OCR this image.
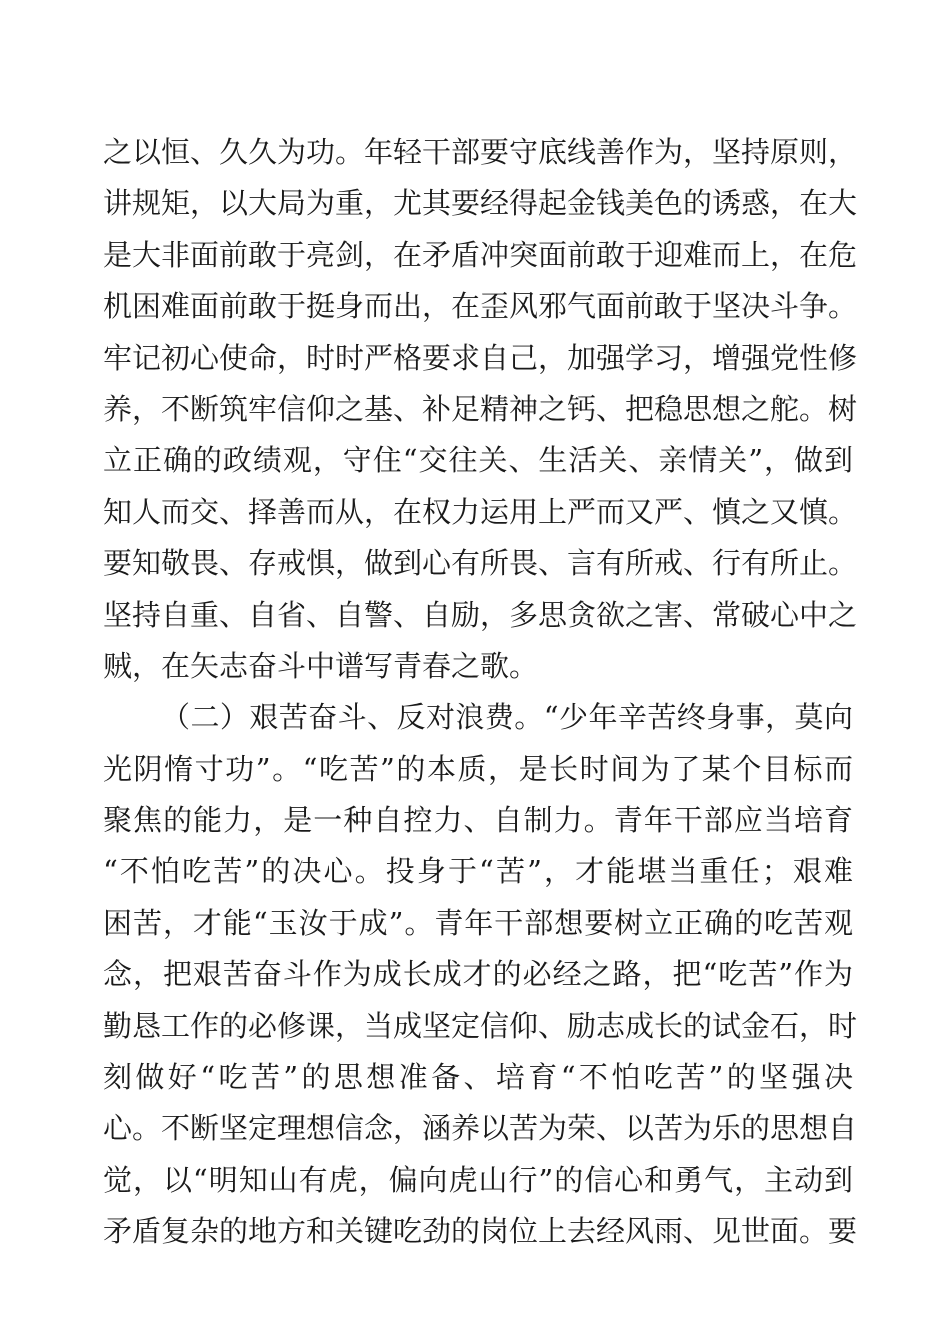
之以恒、久久为功。年轻干部要守底线善作为，坚持原则，
讲规矩，以大局为重，尤其要经得起金钱美色的诱惑，在大
是大非面前敢于亮剑，在矛盾冲突面前敢于迎难而上，在危
机困难面前敢于挺身而出，在歪风邪气面前敢于坚决斗争。
牢记初心使命，时时严格要求自己，加强学习，增强党性修
养，不断筑牢信仰之基、补足精神之钙、把稳思想之舵。树
立正确的政绩观，守住“交往关、生活关、亲情关”，做到
知人而交、择善而从，在权力运用上严而又严、慎之又慎。
要知敬畏、存戒惧，做到心有所畏、言有所戒、行有所止。
坚持自重、自省、自警、自励，多思贪欲之害、常破心中之
贼，在矢志奋斗中谱写青春之歌。
（二）艰苦奋斗、反对浪费。“少年辛苦终身事，莫向
光阴惰寸功”。“吃苦”的本质，是长时间为了某个目标而
聚焦的能力，是一种自控力、自制力。青年干部应当培育
“不怕吃苦”的决心。投身于“苦”，才能堪当重任；艰难
困苦，才能“玉汝于成”。青年干部想要树立正确的吃苦观
念，把艰苦奋斗作为成长成才的必经之路，把“吃苦”作为
勤恳工作的必修课，当成坚定信仰、励志成长的试金石，时
刻做好“吃苦”的思想准备、培育“不怕吃苦”的坚强决
心。不断坚定理想信念，涵养以苦为荣、以苦为乐的思想自
觉，以“明知山有虎，偏向虎山行”的信心和勇气，主动到
矛盾复杂的地方和关键吃劲的岗位上去经风雨、见世面。要
